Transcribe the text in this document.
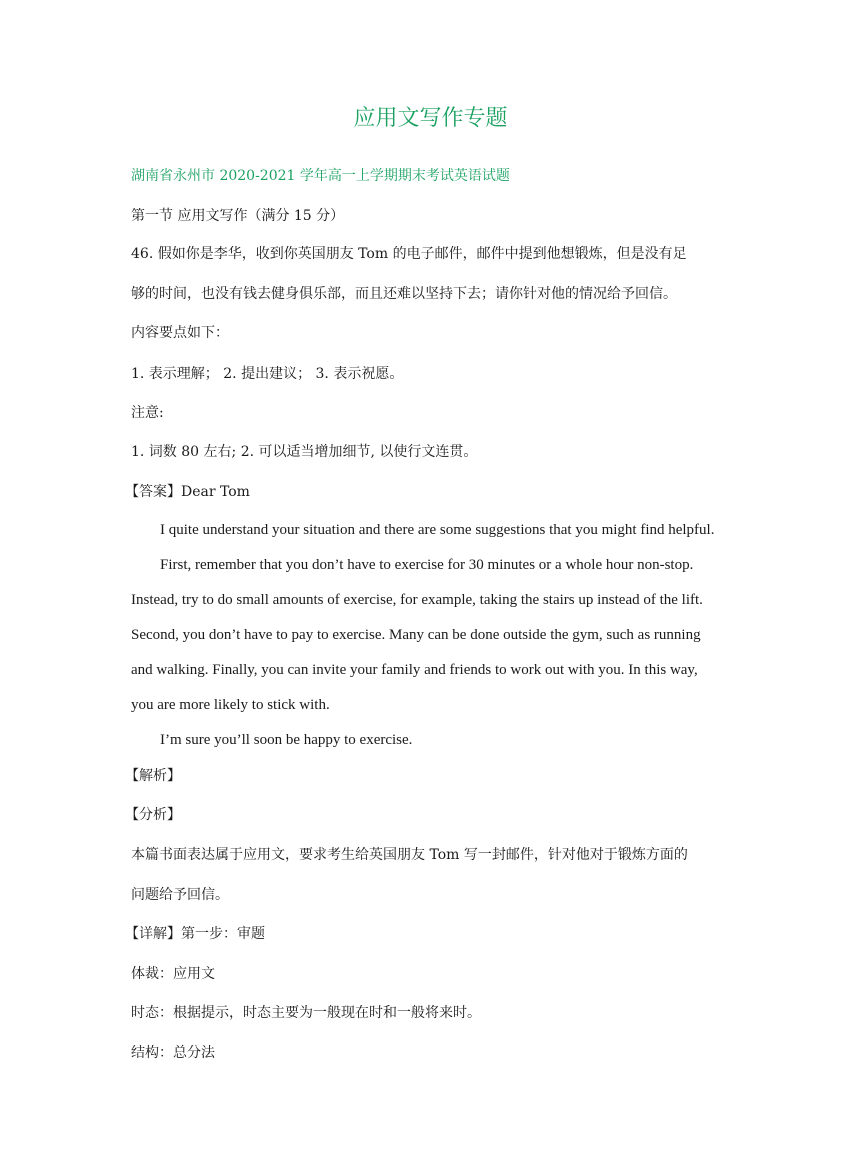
应用文写作专题
湖南省永州市 2020-2021 学年高一上学期期末考试英语试题
第一节 应用文写作（满分 15 分）
46. 假如你是李华，收到你英国朋友 Tom 的电子邮件，邮件中提到他想锻炼，但是没有足
够的时间，也没有钱去健身俱乐部，而且还难以坚持下去；请你针对他的情况给予回信。
内容要点如下：
1. 表示理解； 2. 提出建议； 3. 表示祝愿。
注意:
1. 词数 80 左右; 2. 可以适当增加细节, 以使行文连贯。
【答案】Dear Tom
I quite understand your situation and there are some suggestions that you might find helpful.
First, remember that you don’t have to exercise for 30 minutes or a whole hour non-stop.
Instead, try to do small amounts of exercise, for example, taking the stairs up instead of the lift.
Second, you don’t have to pay to exercise. Many can be done outside the gym, such as running
and walking. Finally, you can invite your family and friends to work out with you. In this way,
you are more likely to stick with.
I’m sure you’ll soon be happy to exercise.
【解析】
【分析】
本篇书面表达属于应用文，要求考生给英国朋友 Tom 写一封邮件，针对他对于锻炼方面的
问题给予回信。
【详解】第一步：审题
体裁：应用文
时态：根据提示，时态主要为一般现在时和一般将来时。
结构：总分法
